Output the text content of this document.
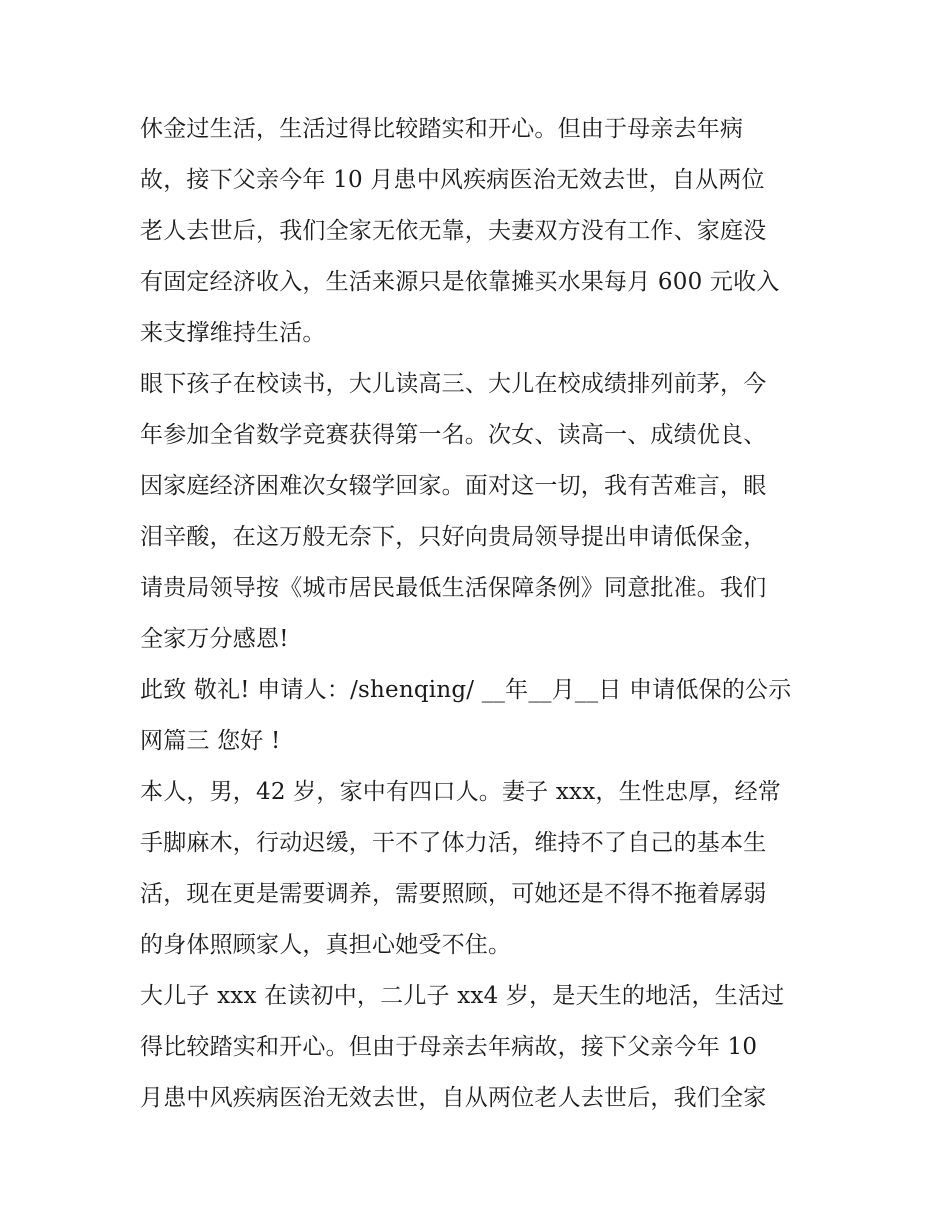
休金过生活，生活过得比较踏实和开心。但由于母亲去年病
故，接下父亲今年 10 月患中风疾病医治无效去世，自从两位
老人去世后，我们全家无依无靠，夫妻双方没有工作、家庭没
有固定经济收入，生活来源只是依靠摊买水果每月 600 元收入
来支撑维持生活。
眼下孩子在校读书，大儿读高三、大儿在校成绩排列前茅，今
年参加全省数学竞赛获得第一名。次女、读高一、成绩优良、
因家庭经济困难次女辍学回家。面对这一切，我有苦难言，眼
泪辛酸，在这万般无奈下，只好向贵局领导提出申请低保金，
请贵局领导按《城市居民最低生活保障条例》同意批准。我们
全家万分感恩!
此致 敬礼! 申请人：/shenqing/ __年__月__日 申请低保的公示
网篇三 您好 !
本人，男，42 岁，家中有四口人。妻子 xxx，生性忠厚，经常
手脚麻木，行动迟缓，干不了体力活，维持不了自己的基本生
活，现在更是需要调养，需要照顾，可她还是不得不拖着孱弱
的身体照顾家人，真担心她受不住。
大儿子 xxx 在读初中，二儿子 xx4 岁，是天生的地活，生活过
得比较踏实和开心。但由于母亲去年病故，接下父亲今年 10
月患中风疾病医治无效去世，自从两位老人去世后，我们全家
